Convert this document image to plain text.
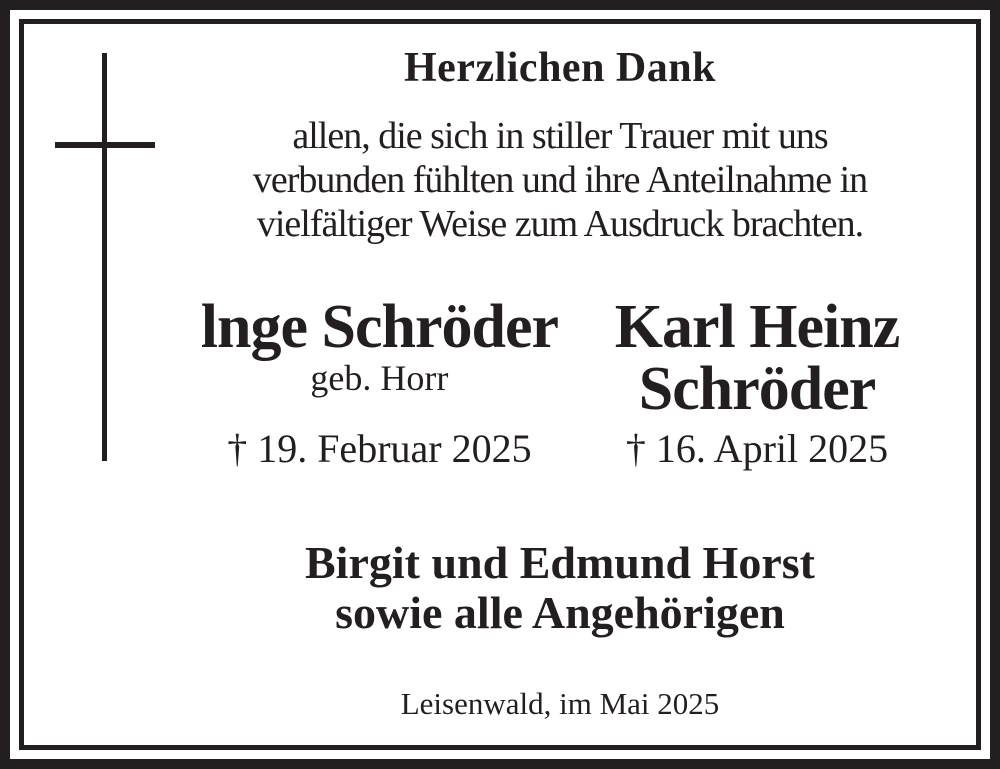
Herzlichen Dank
allen, die sich in stiller Trauer mit uns
verbunden fühlten und ihre Anteilnahme in
vielfältiger Weise zum Ausdruck brachten.
lnge Schröder
geb. Horr
† 19. Februar 2025
Karl Heinz
Schröder
† 16. April 2025
Birgit und Edmund Horst
sowie alle Angehörigen
Leisenwald, im Mai 2025
